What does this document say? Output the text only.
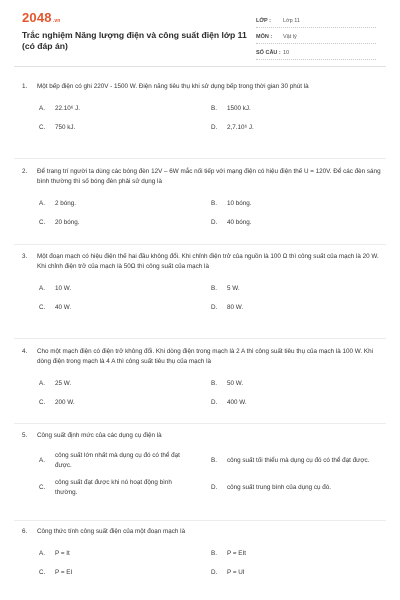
2048.vn
Trắc nghiệm Năng lượng điện và công suất điện lớp 11 (có đáp án)
LỚP :	Lớp 11
MÔN :	Vật lý
SỐ CÂU : 10
1.	Một bếp điện có ghi 220V - 1500 W. Điện năng tiêu thụ khi sử dụng bếp trong thời gian 30 phút là
A.	22.10⁶ J.	B.	1500 kJ.
C.	750 kJ.	D.	2,7.10⁶ J.
2.	Để trang trí người ta dùng các bóng đèn 12V – 6W mắc nối tiếp với mạng điện có hiệu điện thế U = 120V. Để các đèn sáng bình thường thì số bóng đèn phải sử dụng là
A.	2 bóng.	B.	10 bóng.
C.	20 bóng.	D.	40 bóng.
3.	Một đoạn mạch có hiệu điện thế hai đầu không đổi. Khi chỉnh điện trở của nguồn là 100 Ω thì công suất của mạch là 20 W. Khi chỉnh điện trở của mạch là 50Ω thì công suất của mạch là
A.	10 W.	B.	5 W.
C.	40 W.	D.	80 W.
4.	Cho một mạch điện có điện trở không đổi. Khi dòng điện trong mạch là 2 A thì công suất tiêu thụ của mạch là 100 W. Khi dòng điện trong mạch là 4 A thì công suất tiêu thụ của mạch là
A.	25 W.	B.	50 W.
C.	200 W.	D.	400 W.
5.	Công suất định mức của các dụng cụ điện là
A.
công suất lớn nhất mà dụng cụ đó có thể đạt được.
B.	công suất tối thiểu mà dụng cụ đó có thể đạt được.
C.
công suất đạt được khi nó hoạt động bình thường.
D.	công suất trung bình của dụng cụ đó.
6.	Công thức tính công suất điện của một đoạn mạch là
A.	P = It	B.	P = EIt
C.	P = EI	D.	P = UI
